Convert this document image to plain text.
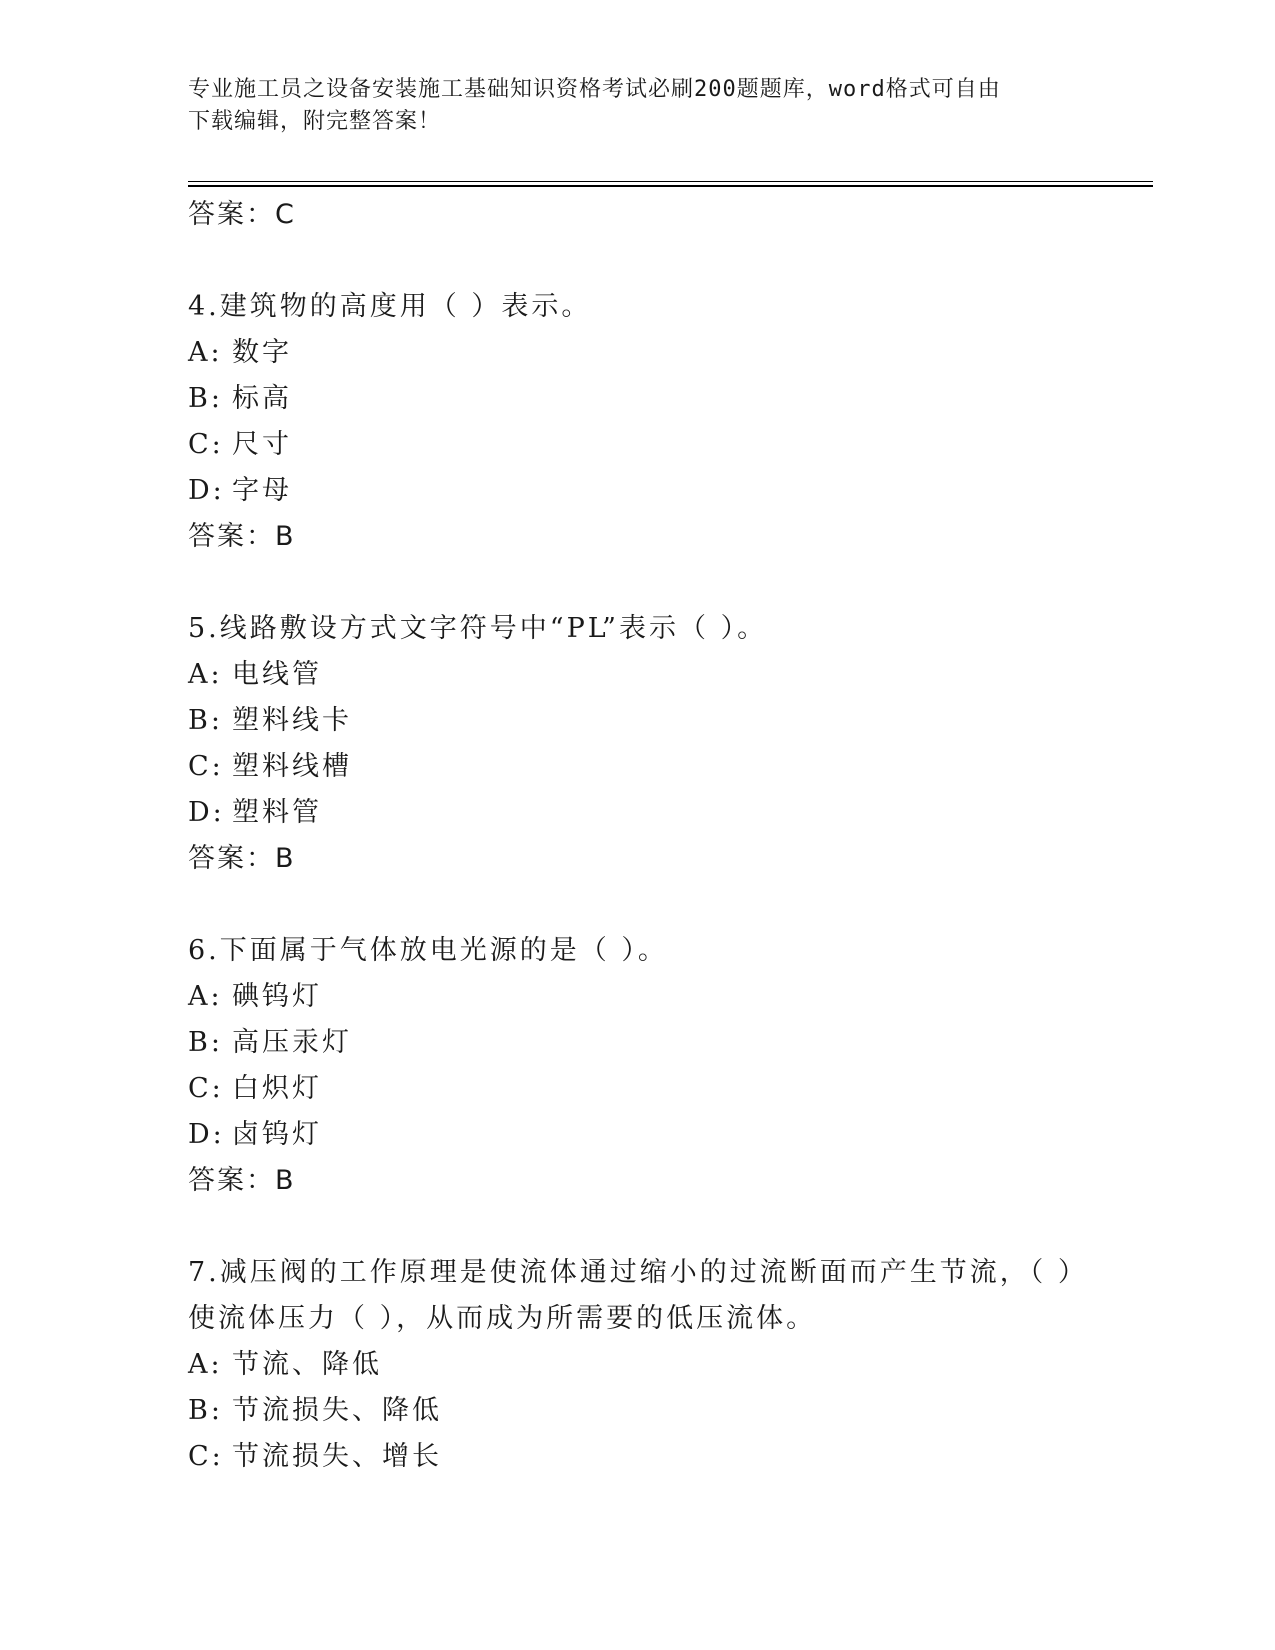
专业施工员之设备安装施工基础知识资格考试必刷200题题库，word格式可自由
下载编辑，附完整答案！
答案：C
4.建筑物的高度用（ ）表示。
A: 数字
B: 标高
C: 尺寸
D: 字母
答案：B
5.线路敷设方式文字符号中“PL”表示（ ）。
A: 电线管
B: 塑料线卡
C: 塑料线槽
D: 塑料管
答案：B
6.下面属于气体放电光源的是（ ）。
A: 碘钨灯
B: 高压汞灯
C: 白炽灯
D: 卤钨灯
答案：B
7.减压阀的工作原理是使流体通过缩小的过流断面而产生节流，（ ）
使流体压力（ ），从而成为所需要的低压流体。
A: 节流、降低
B: 节流损失、降低
C: 节流损失、增长
